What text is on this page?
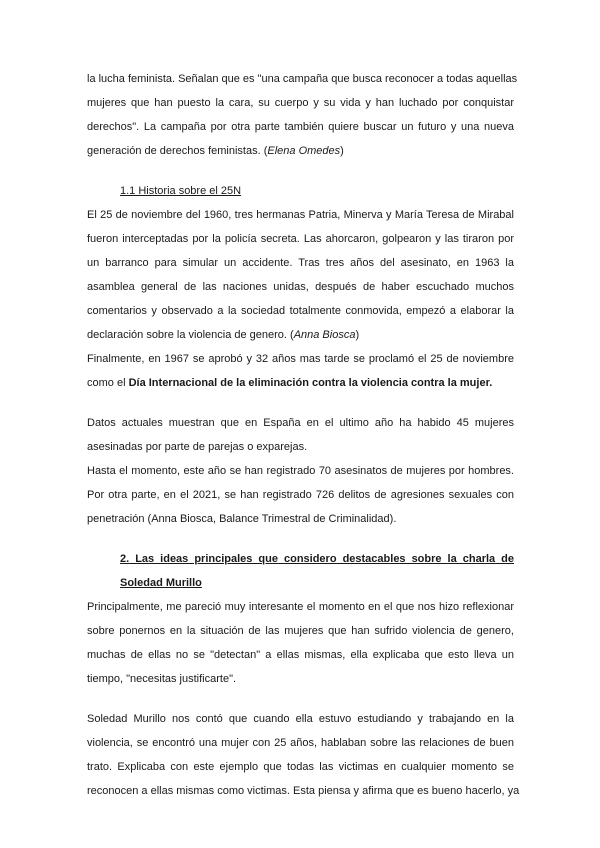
la lucha feminista. Señalan que es "una campaña que busca reconocer a todas aquellas
mujeres que han puesto la cara, su cuerpo y su vida y han luchado por conquistar
derechos". La campaña por otra parte también quiere buscar un futuro y una nueva
generación de derechos feministas. (Elena Omedes)
1.1 Historia sobre el 25N
El 25 de noviembre del 1960, tres hermanas Patria, Minerva y María Teresa de Mirabal
fueron interceptadas por la policía secreta. Las ahorcaron, golpearon y las tiraron por
un barranco para simular un accidente. Tras tres años del asesinato, en 1963 la
asamblea general de las naciones unidas, después de haber escuchado muchos
comentarios y observado a la sociedad totalmente conmovida, empezó a elaborar la
declaración sobre la violencia de genero. (Anna Biosca)
Finalmente, en 1967 se aprobó y 32 años mas tarde se proclamó el 25 de noviembre
como el Día Internacional de la eliminación contra la violencia contra la mujer.
Datos actuales muestran que en España en el ultimo año ha habido 45 mujeres
asesinadas por parte de parejas o exparejas.
Hasta el momento, este año se han registrado 70 asesinatos de mujeres por hombres.
Por otra parte, en el 2021, se han registrado 726 delitos de agresiones sexuales con
penetración (Anna Biosca, Balance Trimestral de Criminalidad).
2. Las ideas principales que considero destacables sobre la charla de
Soledad Murillo
Principalmente, me pareció muy interesante el momento en el que nos hizo reflexionar
sobre ponernos en la situación de las mujeres que han sufrido violencia de genero,
muchas de ellas no se "detectan" a ellas mismas, ella explicaba que esto lleva un
tiempo, "necesitas justificarte".
Soledad Murillo nos contó que cuando ella estuvo estudiando y trabajando en la
violencia, se encontró una mujer con 25 años, hablaban sobre las relaciones de buen
trato. Explicaba con este ejemplo que todas las victimas en cualquier momento se
reconocen a ellas mismas como victimas. Esta piensa y afirma que es bueno hacerlo, ya
